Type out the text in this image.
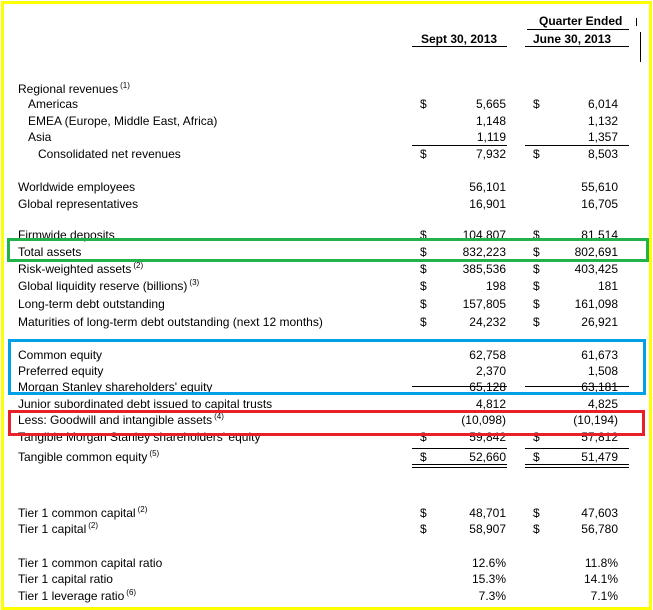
Quarter Ended
Sept 30, 2013	June 30, 2013
Regional revenues $^{(1)}$
Americas	$	5,665 $	6,014
EMEA (Europe, Middle East, Africa)	1,148	1,132
Asia	1,119	1,357
Consolidated net revenues	$	7,932 $	8,503
Worldwide employees	56,101	55,610
Global representatives	16,901	16,705
Firmwide deposits	$	104,807 $	81,514
Total assets	$	832,223 $	802,691
Risk-weighted assets $^{(2)}$	$	385,536 $	403,425
Global liquidity reserve (billions) $^{(3)}$	$	198 $	181
Long-term debt outstanding	$	157,805 $	161,098
Maturities of long-term debt outstanding (next 12 months)	$	24,232 $	26,921
Common equity	62,758	61,673
Preferred equity	2,370	1,508
Morgan Stanley shareholders' equity	65,128	63,181
Junior subordinated debt issued to capital trusts	4,812	4,825
Less: Goodwill and intangible assets $^{(4)}$	(10,098)	(10,194)
Tangible Morgan Stanley shareholders' equity	$	59,842 $	57,812
Tangible common equity $^{(5)}$	$	52,660 $	51,479
Tier 1 common capital $^{(2)}$	$	48,701 $	47,603
Tier 1 capital $^{(2)}$	$	58,907 $	56,780
Tier 1 common capital ratio	12.6%	11.8%
Tier 1 capital ratio	15.3%	14.1%
Tier 1 leverage ratio $^{(6)}$	7.3%	7.1%
